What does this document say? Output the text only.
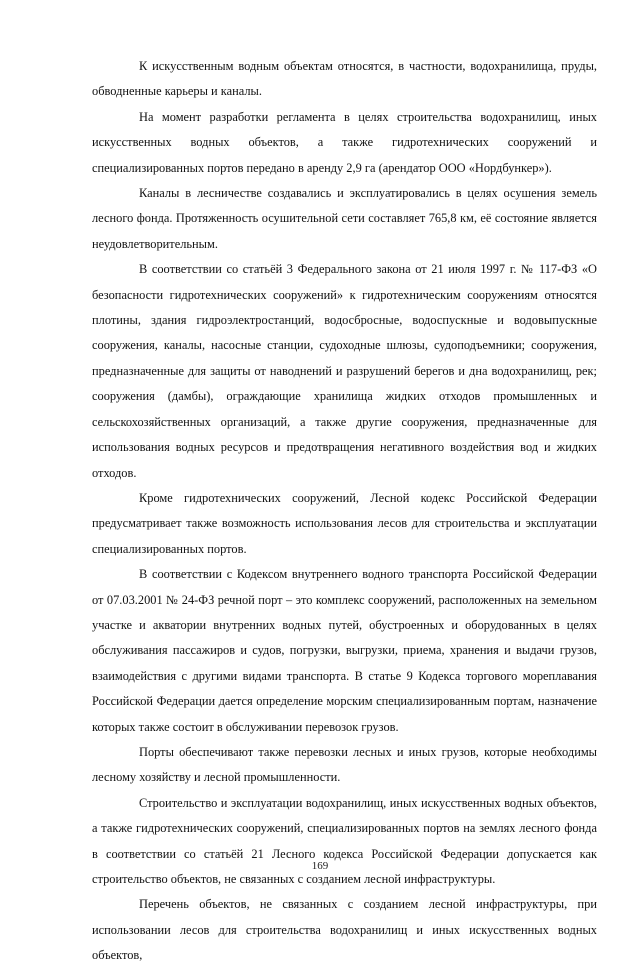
К искусственным водным объектам относятся, в частности, водохранилища, пруды, обводненные карьеры и каналы.

На момент разработки регламента в целях строительства водохранилищ, иных искусственных водных объектов, а также гидротехнических сооружений и специализированных портов передано в аренду 2,9 га (арендатор ООО «Нордбункер»).

Каналы в лесничестве создавались и эксплуатировались в целях осушения земель лесного фонда. Протяженность осушительной сети составляет 765,8 км, её состояние является неудовлетворительным.

В соответствии со статьёй 3 Федерального закона от 21 июля 1997 г. № 117-ФЗ «О безопасности гидротехнических сооружений» к гидротехническим сооружениям относятся плотины, здания гидроэлектростанций, водосбросные, водоспускные и водовыпускные сооружения, каналы, насосные станции, судоходные шлюзы, судоподъемники; сооружения, предназначенные для защиты от наводнений и разрушений берегов и дна водохранилищ, рек; сооружения (дамбы), ограждающие хранилища жидких отходов промышленных и сельскохозяйственных организаций, а также другие сооружения, предназначенные для использования водных ресурсов и предотвращения негативного воздействия вод и жидких отходов.

Кроме гидротехнических сооружений, Лесной кодекс Российской Федерации предусматривает также возможность использования лесов для строительства и эксплуатации специализированных портов.

В соответствии с Кодексом внутреннего водного транспорта Российской Федерации от 07.03.2001 № 24-ФЗ речной порт – это комплекс сооружений, расположенных на земельном участке и акватории внутренних водных путей, обустроенных и оборудованных в целях обслуживания пассажиров и судов, погрузки, выгрузки, приема, хранения и выдачи грузов, взаимодействия с другими видами транспорта. В статье 9 Кодекса торгового мореплавания Российской Федерации дается определение морским специализированным портам, назначение которых также состоит в обслуживании перевозок грузов.

Порты обеспечивают также перевозки лесных и иных грузов, которые необходимы лесному хозяйству и лесной промышленности.

Строительство и эксплуатации водохранилищ, иных искусственных водных объектов, а также гидротехнических сооружений, специализированных портов на землях лесного фонда в соответствии со статьёй 21 Лесного кодекса Российской Федерации допускается как строительство объектов, не связанных с созданием лесной инфраструктуры.

Перечень объектов, не связанных с созданием лесной инфраструктуры, при использовании лесов для строительства водохранилищ и иных искусственных водных объектов,

169
